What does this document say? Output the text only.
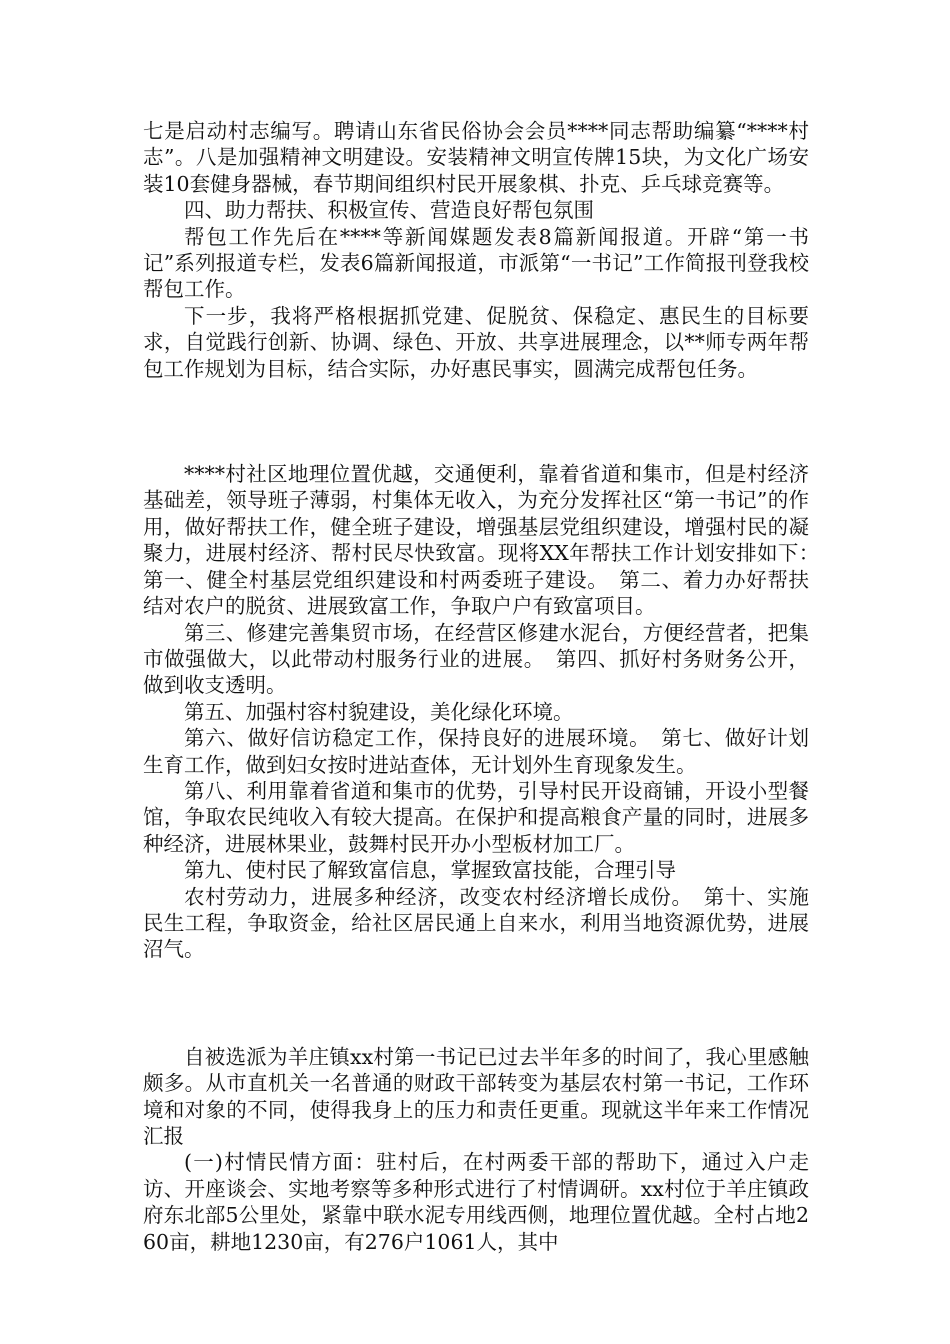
七是启动村志编写。聘请山东省民俗协会会员****同志帮助编纂“****村志”。八是加强精神文明建设。安装精神文明宣传牌15块，为文化广场安装10套健身器械，春节期间组织村民开展象棋、扑克、乒乓球竞赛等。

四、助力帮扶、积极宣传、营造良好帮包氛围

帮包工作先后在****等新闻媒题发表8篇新闻报道。开辟“第一书记”系列报道专栏，发表6篇新闻报道，市派第“一书记”工作简报刊登我校帮包工作。

下一步，我将严格根据抓党建、促脱贫、保稳定、惠民生的目标要求，自觉践行创新、协调、绿色、开放、共享进展理念，以**师专两年帮包工作规划为目标，结合实际，办好惠民事实，圆满完成帮包任务。

****村社区地理位置优越，交通便利，靠着省道和集市，但是村经济基础差，领导班子薄弱，村集体无收入，为充分发挥社区“第一书记”的作用，做好帮扶工作，健全班子建设，增强基层党组织建设，增强村民的凝聚力，进展村经济、帮村民尽快致富。现将XX年帮扶工作计划安排如下：　第一、健全村基层党组织建设和村两委班子建设。　第二、着力办好帮扶结对农户的脱贫、进展致富工作，争取户户有致富项目。

第三、修建完善集贸市场，在经营区修建水泥台，方便经营者，把集市做强做大，以此带动村服务行业的进展。　第四、抓好村务财务公开，做到收支透明。

第五、加强村容村貌建设，美化绿化环境。

第六、做好信访稳定工作，保持良好的进展环境。　第七、做好计划生育工作，做到妇女按时进站查体，无计划外生育现象发生。

第八、利用靠着省道和集市的优势，引导村民开设商铺，开设小型餐馆，争取农民纯收入有较大提高。在保护和提高粮食产量的同时，进展多种经济，进展林果业，鼓舞村民开办小型板材加工厂。

第九、使村民了解致富信息，掌握致富技能，合理引导

农村劳动力，进展多种经济，改变农村经济增长成份。　第十、实施民生工程，争取资金，给社区居民通上自来水，利用当地资源优势，进展沼气。

自被选派为羊庄镇xx村第一书记已过去半年多的时间了，我心里感触颇多。从市直机关一名普通的财政干部转变为基层农村第一书记，工作环境和对象的不同，使得我身上的压力和责任更重。现就这半年来工作情况汇报

(一)村情民情方面：驻村后，在村两委干部的帮助下，通过入户走访、开座谈会、实地考察等多种形式进行了村情调研。xx村位于羊庄镇政府东北部5公里处，紧靠中联水泥专用线西侧，地理位置优越。全村占地260亩，耕地1230亩，有276户1061人，其中
